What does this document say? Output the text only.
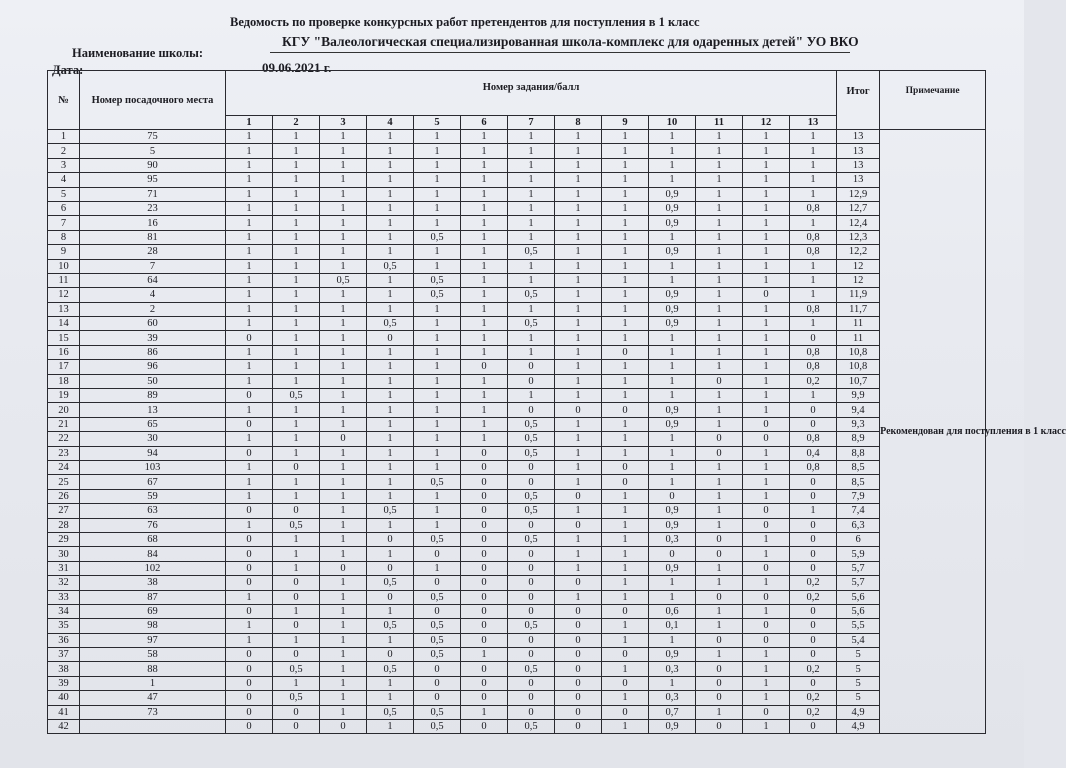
Ведомость по проверке конкурсных работ претендентов для поступления в 1 класс
Наименование школы:
КГУ "Валеологическая специализированная школа-комплекс для одаренных детей" УО ВКО
Дата:	09.06.2021 г.
№	Номер посадочного места	Номер задания/балл													Итог	Примечание
		1	2	3	4	5	6	7	8	9	10	11	12	13		
1	75	1	1	1	1	1	1	1	1	1	1	1	1	1	13	Рекомендован для поступления в 1 класс
2	5	1	1	1	1	1	1	1	1	1	1	1	1	1	13	
3	90	1	1	1	1	1	1	1	1	1	1	1	1	1	13	
4	95	1	1	1	1	1	1	1	1	1	1	1	1	1	13	
5	71	1	1	1	1	1	1	1	1	1	0,9	1	1	1	12,9	
6	23	1	1	1	1	1	1	1	1	1	0,9	1	1	0,8	12,7	
7	16	1	1	1	1	1	1	1	1	1	0,9	1	1	1	12,4	
8	81	1	1	1	1	0,5	1	1	1	1	1	1	1	0,8	12,3	
9	28	1	1	1	1	1	1	0,5	1	1	0,9	1	1	0,8	12,2	
10	7	1	1	1	0,5	1	1	1	1	1	1	1	1	1	12	
11	64	1	1	0,5	1	0,5	1	1	1	1	1	1	1	1	12	
12	4	1	1	1	1	0,5	1	0,5	1	1	0,9	1	0	1	11,9	
13	2	1	1	1	1	1	1	1	1	1	0,9	1	1	0,8	11,7	
14	60	1	1	1	0,5	1	1	0,5	1	1	0,9	1	1	1	11	
15	39	0	1	1	0	1	1	1	1	1	1	1	1	0	11	
16	86	1	1	1	1	1	1	1	1	0	1	1	1	0,8	10,8	
17	96	1	1	1	1	1	0	0	1	1	1	1	1	0,8	10,8	
18	50	1	1	1	1	1	1	0	1	1	1	0	1	0,2	10,7	
19	89	0	0,5	1	1	1	1	1	1	1	1	1	1	1	9,9	
20	13	1	1	1	1	1	1	0	0	0	0,9	1	1	0	9,4	
21	65	0	1	1	1	1	1	0,5	1	1	0,9	1	0	0	9,3	
22	30	1	1	0	1	1	1	0,5	1	1	1	0	0	0,8	8,9	
23	94	0	1	1	1	1	0	0,5	1	1	1	0	1	0,4	8,8	
24	103	1	0	1	1	1	0	0	1	0	1	1	1	0,8	8,5	
25	67	1	1	1	1	0,5	0	0	1	0	1	1	1	0	8,5	
26	59	1	1	1	1	1	0	0,5	0	1	0	1	1	0	7,9	
27	63	0	0	1	0,5	1	0	0,5	1	1	0,9	1	0	1	7,4	
28	76	1	0,5	1	1	1	0	0	0	1	0,9	1	0	0	6,3	
29	68	0	1	1	0	0,5	0	0,5	1	1	0,3	0	1	0	6	
30	84	0	1	1	1	0	0	0	1	1	0	0	1	0	5,9	
31	102	0	1	0	0	1	0	0	1	1	0,9	1	0	0	5,7	
32	38	0	0	1	0,5	0	0	0	0	1	1	1	1	0,2	5,7	
33	87	1	0	1	0	0,5	0	0	1	1	1	0	0	0,2	5,6	
34	69	0	1	1	1	0	0	0	0	0	0,6	1	1	0	5,6	
35	98	1	0	1	0,5	0,5	0	0,5	0	1	0,1	1	0	0	5,5	
36	97	1	1	1	1	0,5	0	0	0	1	1	0	0	0	5,4	
37	58	0	0	1	0	0,5	1	0	0	0	0,9	1	1	0	5	
38	88	0	0,5	1	0,5	0	0	0,5	0	1	0,3	0	1	0,2	5	
39	1	0	1	1	1	0	0	0	0	0	1	0	1	0	5	
40	47	0	0,5	1	1	0	0	0	0	1	0,3	0	1	0,2	5	
41	73	0	0	1	0,5	0,5	1	0	0	0	0,7	1	0	0,2	4,9	
42		0	0	0	1	0,5	0	0,5	0	1	0,9	0	1	0	4,9	
